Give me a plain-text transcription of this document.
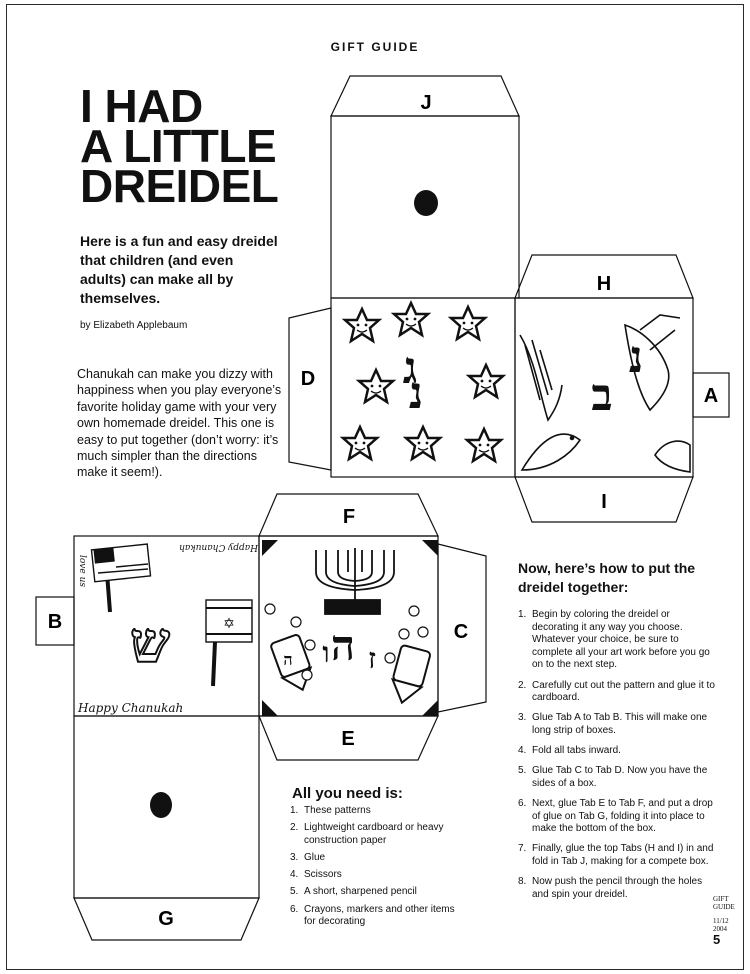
GIFT GUIDE
I HAD
A LITTLE
DREIDEL
Here is a fun and easy dreidel that children (and even adults) can make all by themselves.
by Elizabeth Applebaum
Chanukah can make you dizzy with happiness when you play everyone’s favorite holiday game with your very own homemade dreidel. This one is easy to put together (don’t worry: it’s much simpler than the directions make it seem!).
J
H
D
A
I
F
B	C
E
G
ג
נ	ב
נ
✡
ש
Happy Chanukah
love us
Happy Chanukah
ה ה
ו ז
All you need is:
1. These patterns
2. Lightweight cardboard or heavy construction paper
3. Glue
4. Scissors
5. A short, sharpened pencil
6. Crayons, markers and other items for decorating
Now, here’s how to put the dreidel together:
1. Begin by coloring the dreidel or decorating it any way you choose. Whatever your choice, be sure to complete all your art work before you go on to the next step.
2. Carefully cut out the pattern and glue it to cardboard.
3. Glue Tab A to Tab B. This will make one long strip of boxes.
4. Fold all tabs inward.
5. Glue Tab C to Tab D. Now you have the sides of a box.
6. Next, glue Tab E to Tab F, and put a drop of glue on Tab G, folding it into place to make the bottom of the box.
7. Finally, glue the top Tabs (H and I) in and fold in Tab J, making for a compete box.
8. Now push the pencil through the holes and spin your dreidel.	GIFT
GUIDE
11/12
2004
5
